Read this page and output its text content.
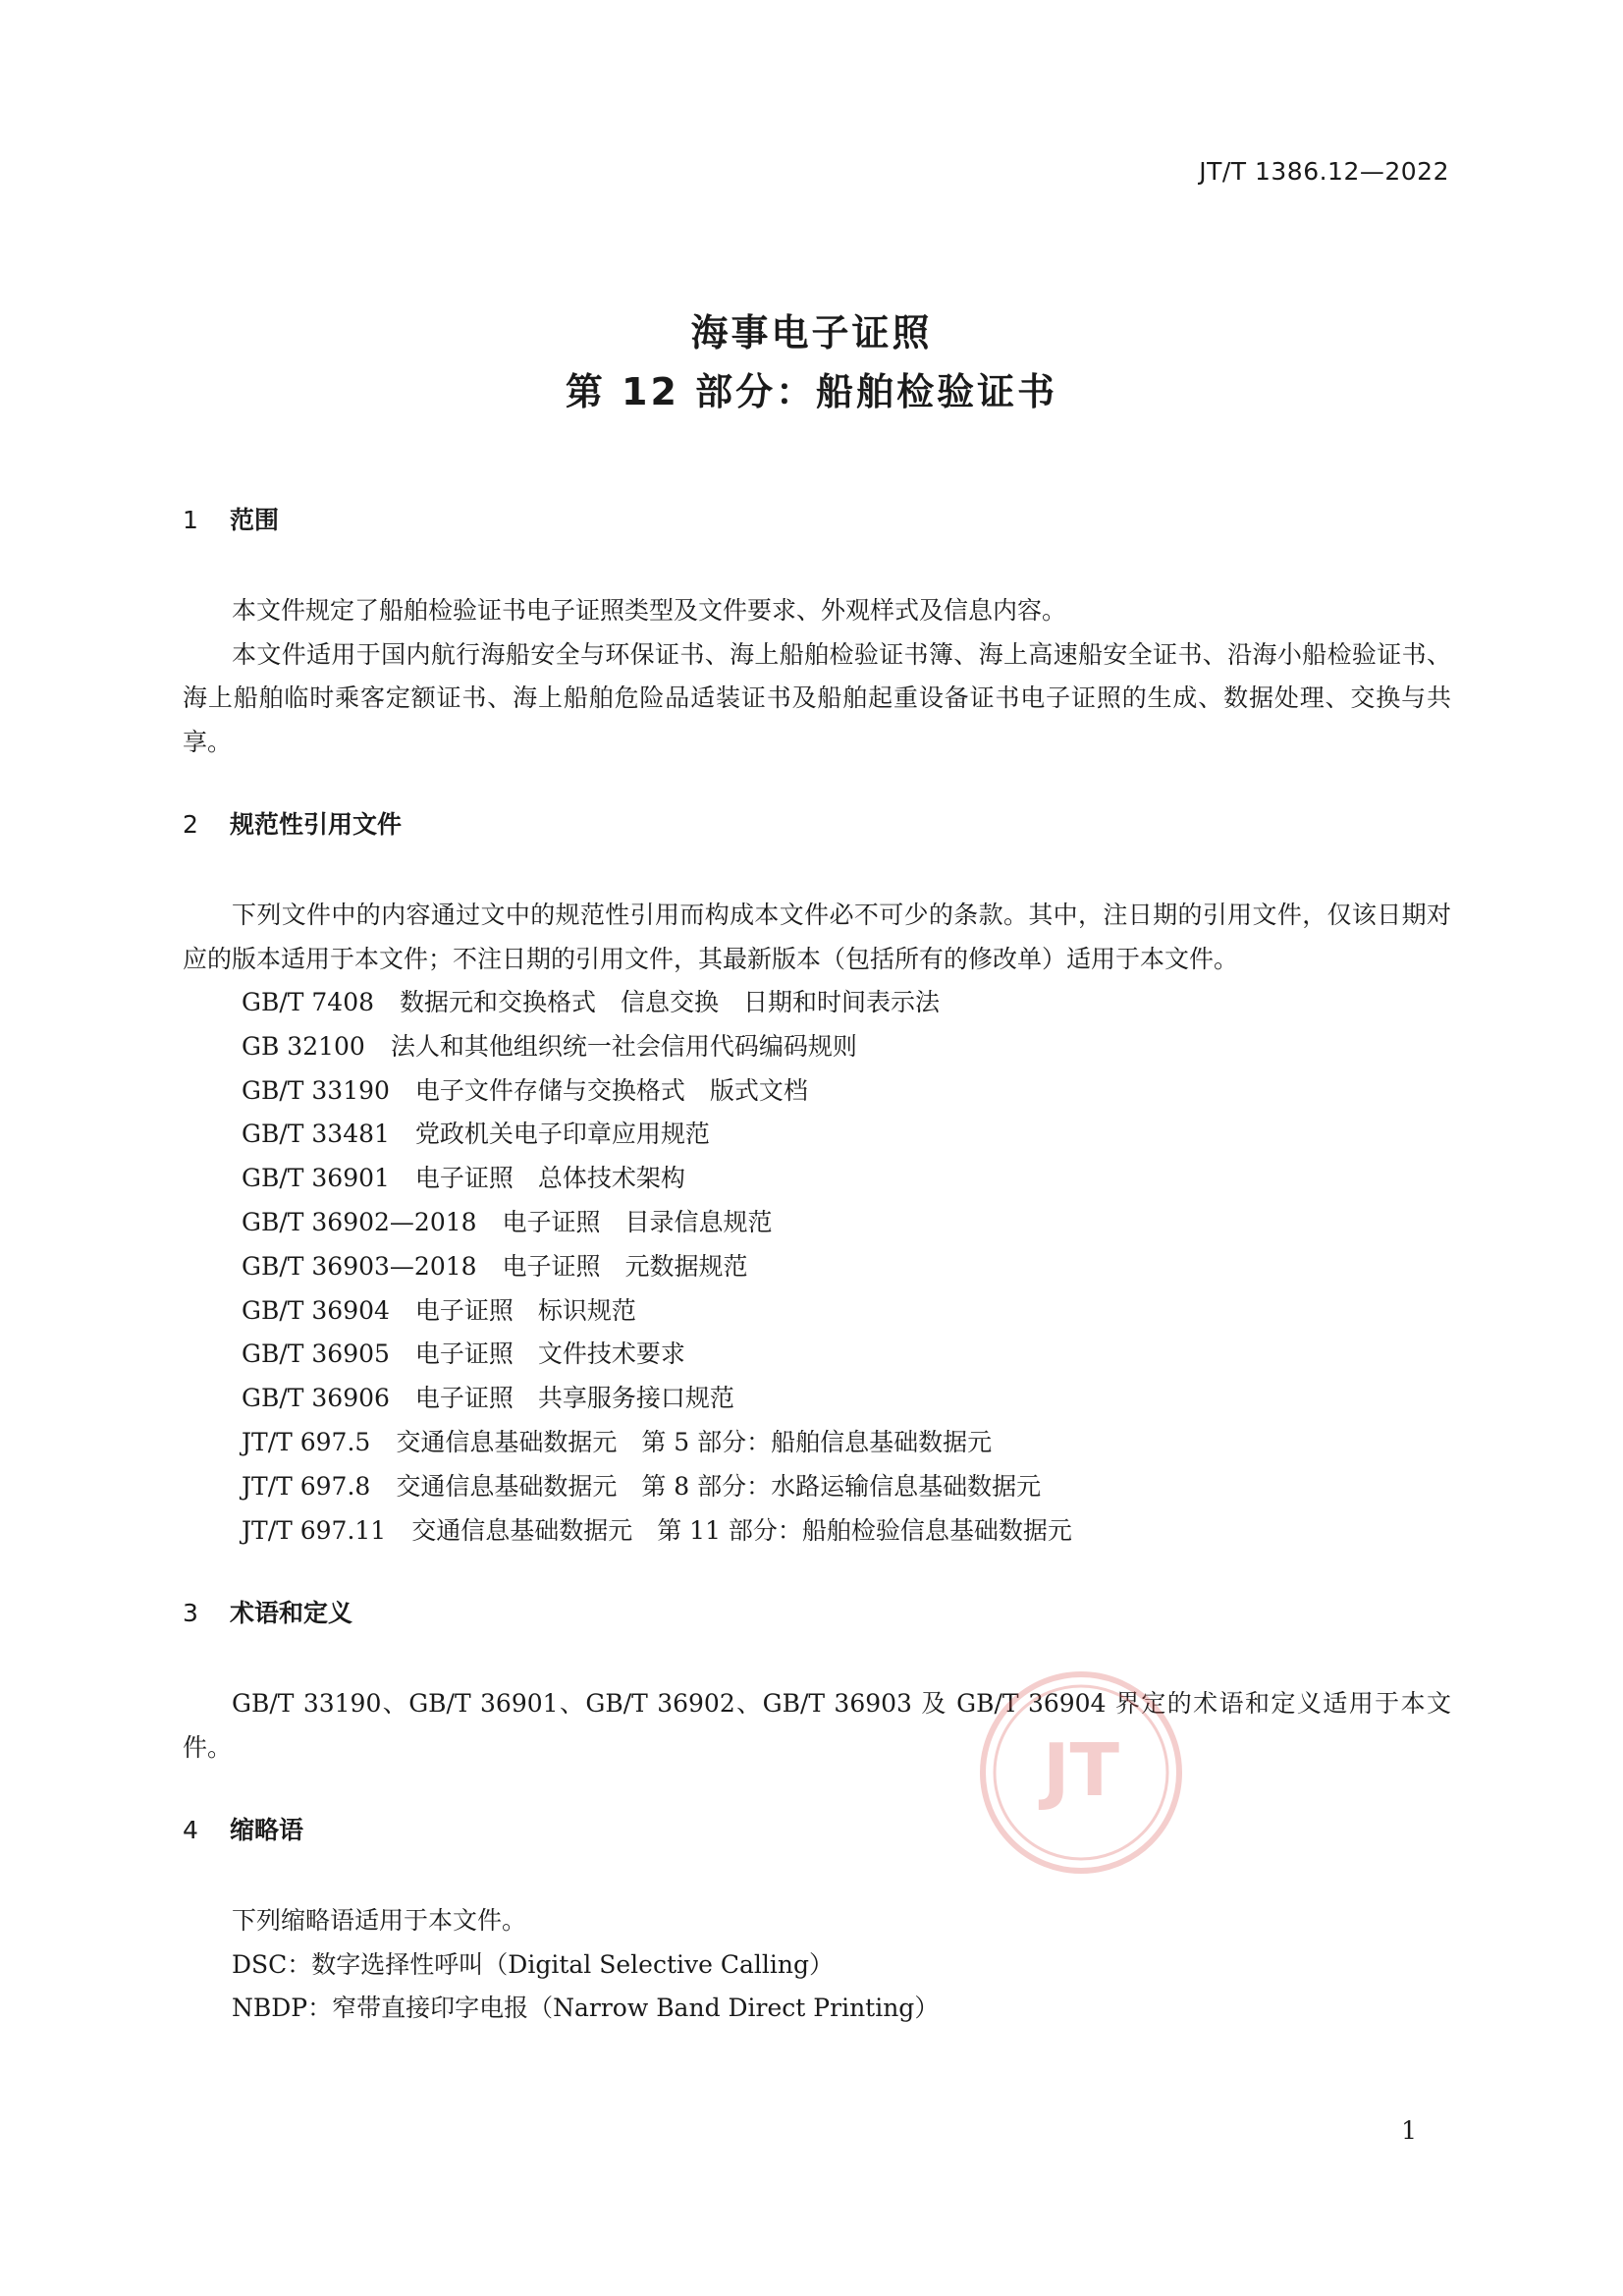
JT/T 1386.12—2022
海事电子证照
第 12 部分：船舶检验证书
1 范围

本文件规定了船舶检验证书电子证照类型及文件要求、外观样式及信息内容。

本文件适用于国内航行海船安全与环保证书、海上船舶检验证书簿、海上高速船安全证书、沿海小船检验证书、海上船舶临时乘客定额证书、海上船舶危险品适装证书及船舶起重设备证书电子证照的生成、数据处理、交换与共享。

2 规范性引用文件

下列文件中的内容通过文中的规范性引用而构成本文件必不可少的条款。其中，注日期的引用文件，仅该日期对应的版本适用于本文件；不注日期的引用文件，其最新版本（包括所有的修改单）适用于本文件。

GB/T 7408 数据元和交换格式　信息交换　日期和时间表示法
GB 32100 法人和其他组织统一社会信用代码编码规则
GB/T 33190 电子文件存储与交换格式　版式文档
GB/T 33481 党政机关电子印章应用规范
GB/T 36901 电子证照　总体技术架构
GB/T 36902—2018 电子证照　目录信息规范
GB/T 36903—2018 电子证照　元数据规范
GB/T 36904 电子证照　标识规范
GB/T 36905 电子证照　文件技术要求
GB/T 36906 电子证照　共享服务接口规范
JT/T 697.5 交通信息基础数据元　第 5 部分：船舶信息基础数据元
JT/T 697.8 交通信息基础数据元　第 8 部分：水路运输信息基础数据元
JT/T 697.11 交通信息基础数据元　第 11 部分：船舶检验信息基础数据元
3 术语和定义

GB/T 33190、GB/T 36901、GB/T 36902、GB/T 36903 及 GB/T 36904 界定的术语和定义适用于本文件。

4 缩略语

下列缩略语适用于本文件。

DSC：数字选择性呼叫（Digital Selective Calling）

NBDP：窄带直接印字电报（Narrow Band Direct Printing）

JT
1
